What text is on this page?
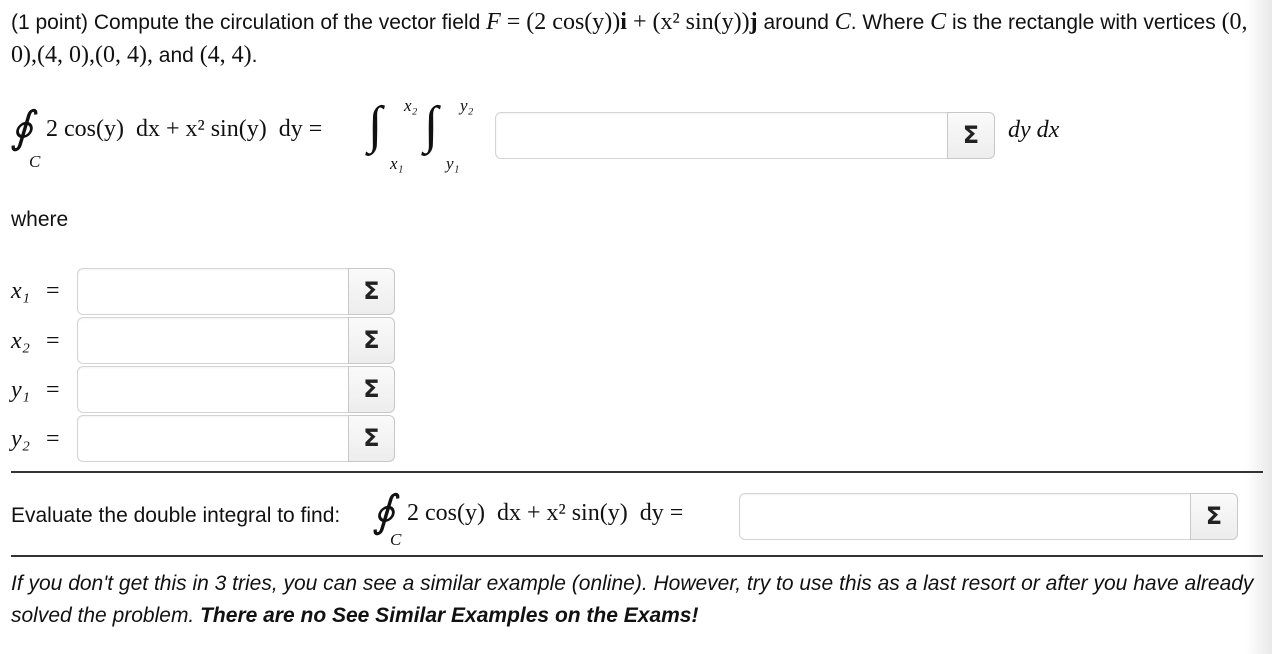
(1 point) Compute the circulation of the vector field F = (2 cos(y))i + (x² sin(y))j around C. Where C is the rectangle with vertices (0, 0),(4, 0),(0, 4), and (4, 4).
∮
C
2 cos(y)  dx + x² sin(y)  dy = ∫ x₂
x₁
∫ y₂
y₁
Σ	dy dx
where
x₁ =	Σ
x₂ =	Σ
y₁ =	Σ
y₂ =	Σ
Evaluate the double integral to find: ∮
C
2 cos(y)  dx + x² sin(y)  dy =	Σ
If you don't get this in 3 tries, you can see a similar example (online). However, try to use this as a last resort or after you have already solved the problem. There are no See Similar Examples on the Exams!
